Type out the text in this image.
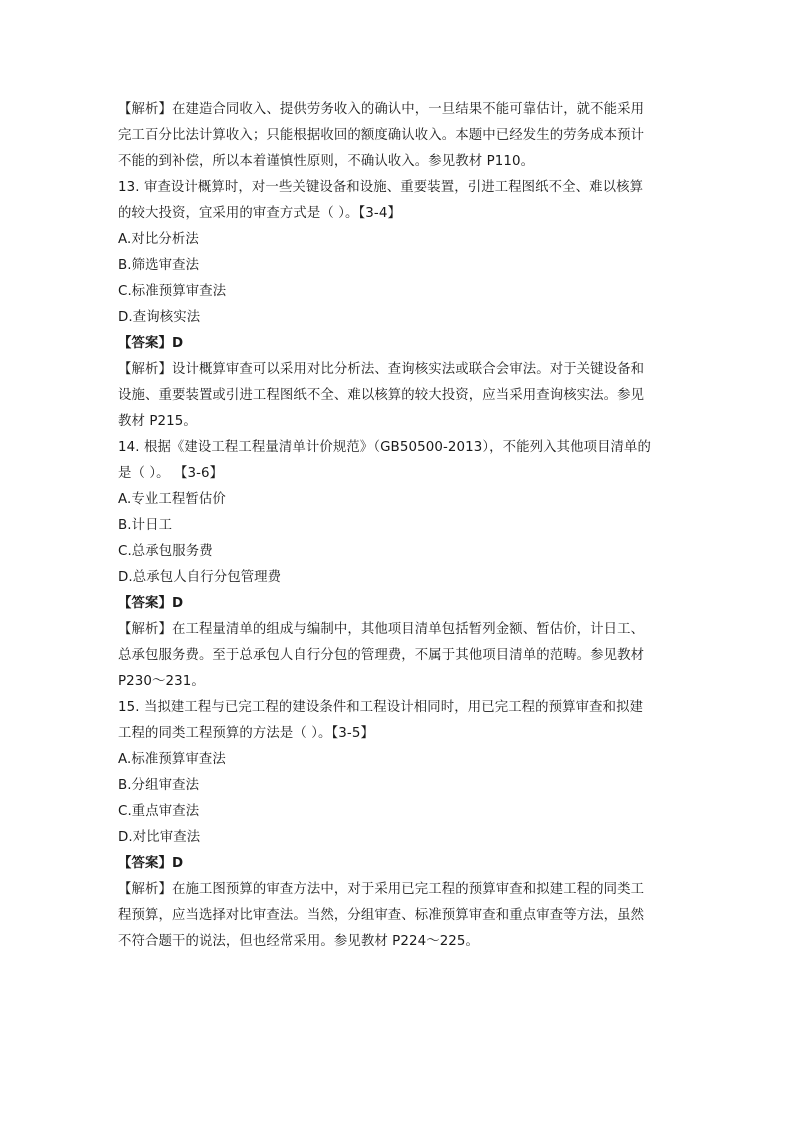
【解析】在建造合同收入、提供劳务收入的确认中，一旦结果不能可靠估计，就不能采用
完工百分比法计算收入；只能根据收回的额度确认收入。本题中已经发生的劳务成本预计
不能的到补偿，所以本着谨慎性原则，不确认收入。参见教材 P110。
13. 审查设计概算时，对一些关键设备和设施、重要装置，引进工程图纸不全、难以核算
的较大投资，宜采用的审查方式是（ ）。【3-4】
A.对比分析法
B.筛选审查法
C.标准预算审查法
D.查询核实法
【答案】D
【解析】设计概算审查可以采用对比分析法、查询核实法或联合会审法。对于关键设备和
设施、重要装置或引进工程图纸不全、难以核算的较大投资，应当采用查询核实法。参见
教材 P215。
14. 根据《建设工程工程量清单计价规范》（GB50500-2013），不能列入其他项目清单的
是（ ）。 【3-6】
A.专业工程暂估价
B.计日工
C.总承包服务费
D.总承包人自行分包管理费
【答案】D
【解析】在工程量清单的组成与编制中，其他项目清单包括暂列金额、暂估价，计日工、
总承包服务费。至于总承包人自行分包的管理费，不属于其他项目清单的范畴。参见教材
P230～231。
15. 当拟建工程与已完工程的建设条件和工程设计相同时，用已完工程的预算审查和拟建
工程的同类工程预算的方法是（ ）。【3-5】
A.标准预算审查法
B.分组审查法
C.重点审查法
D.对比审查法
【答案】D
【解析】在施工图预算的审查方法中，对于采用已完工程的预算审查和拟建工程的同类工
程预算，应当选择对比审查法。当然，分组审查、标准预算审查和重点审查等方法，虽然
不符合题干的说法，但也经常采用。参见教材 P224～225。
